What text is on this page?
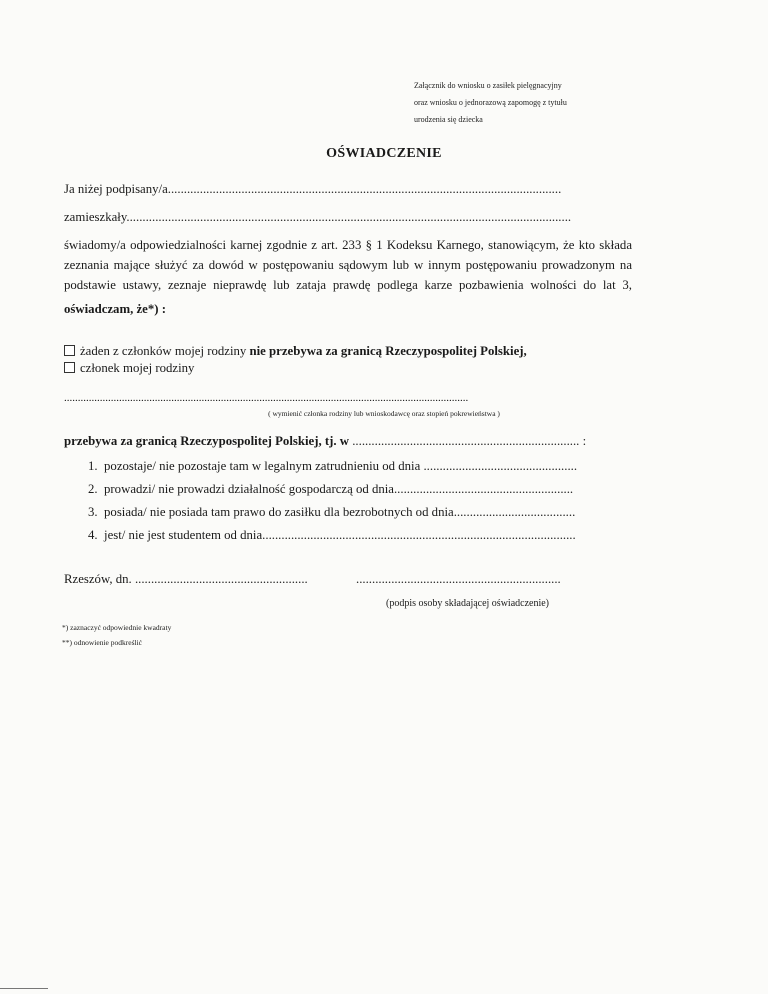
Załącznik do wniosku o zasiłek pielęgnacyjny
oraz wniosku o jednorazową zapomogę z tytułu
urodzenia się dziecka
OŚWIADCZENIE
Ja niżej podpisany/a...........................................................................................................................
zamieszkały...........................................................................................................................................
świadomy/a odpowiedzialności karnej zgodnie z art. 233 § 1 Kodeksu Karnego, stanowiącym, że kto składa
zeznania mające służyć za dowód w postępowaniu sądowym lub w innym postępowaniu prowadzonym na
podstawie ustawy, zeznaje nieprawdę lub zataja prawdę podlega karze pozbawienia wolności do lat 3,
oświadczam, że*) :
żaden z członków mojej rodziny nie przebywa za granicą Rzeczypospolitej Polskiej,
członek mojej rodziny
...................................................................................................................................................
( wymienić członka rodziny lub wnioskodawcę oraz stopień pokrewieństwa )
przebywa za granicą Rzeczypospolitej Polskiej, tj. w ....................................................................... :
1. pozostaje/ nie pozostaje tam w legalnym zatrudnieniu od dnia ................................................
2. prowadzi/ nie prowadzi działalność gospodarczą od dnia........................................................
3. posiada/ nie posiada tam prawo do zasiłku dla bezrobotnych od dnia......................................
4. jest/ nie jest studentem od dnia..................................................................................................
Rzeszów, dn. ......................................................	................................................................
(podpis osoby składającej oświadczenie)
*) zaznaczyć odpowiednie kwadraty
**) odnowienie podkreślić
